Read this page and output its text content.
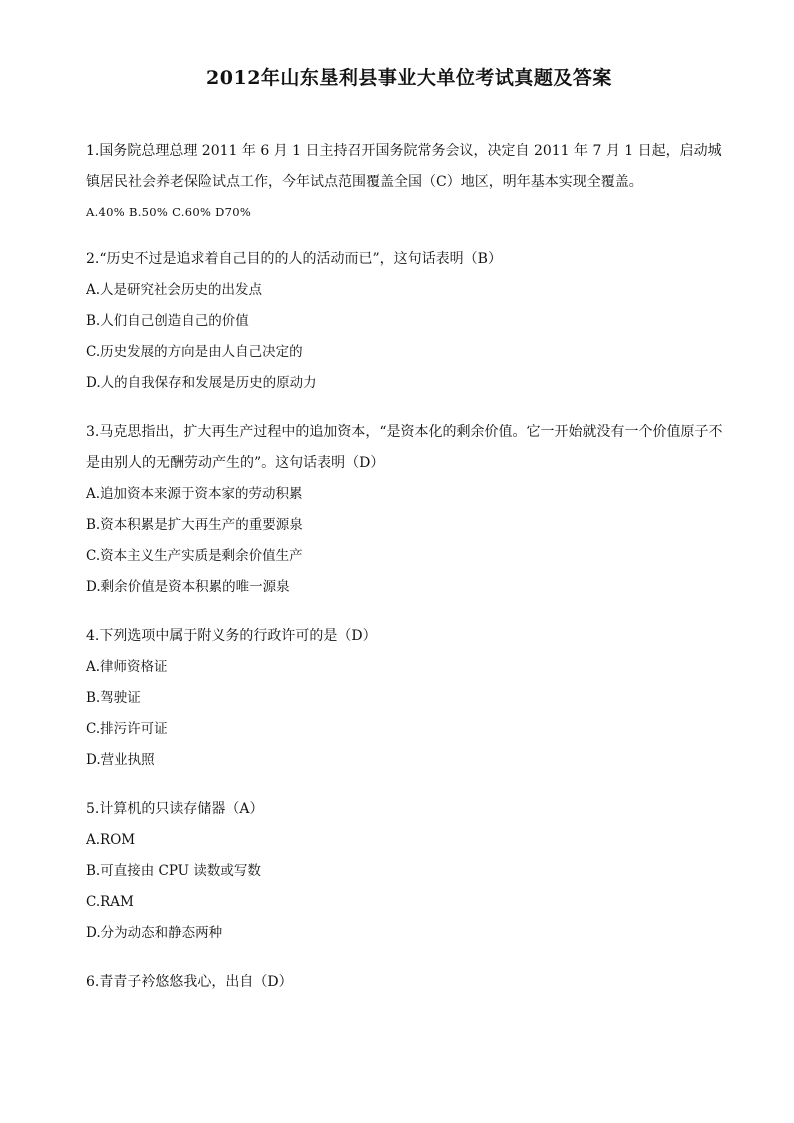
2012年山东垦利县事业大单位考试真题及答案

1.国务院总理总理 2011 年 6 月 1 日主持召开国务院常务会议，决定自 2011 年 7 月 1 日起，启动城镇居民社会养老保险试点工作，今年试点范围覆盖全国（C）地区，明年基本实现全覆盖。

A.40% B.50% C.60% D70%

2.“历史不过是追求着自己目的的人的活动而已”，这句话表明（B）

A.人是研究社会历史的出发点
B.人们自己创造自己的价值
C.历史发展的方向是由人自己决定的
D.人的自我保存和发展是历史的原动力

3.马克思指出，扩大再生产过程中的追加资本，“是资本化的剩余价值。它一开始就没有一个价值原子不是由别人的无酬劳动产生的”。这句话表明（D）

A.追加资本来源于资本家的劳动积累
B.资本积累是扩大再生产的重要源泉
C.资本主义生产实质是剩余价值生产
D.剩余价值是资本积累的唯一源泉

4.下列选项中属于附义务的行政许可的是（D）

A.律师资格证
B.驾驶证
C.排污许可证
D.营业执照

5.计算机的只读存储器（A）

A.ROM
B.可直接由 CPU 读数或写数
C.RAM
D.分为动态和静态两种

6.青青子衿悠悠我心，出自（D）
